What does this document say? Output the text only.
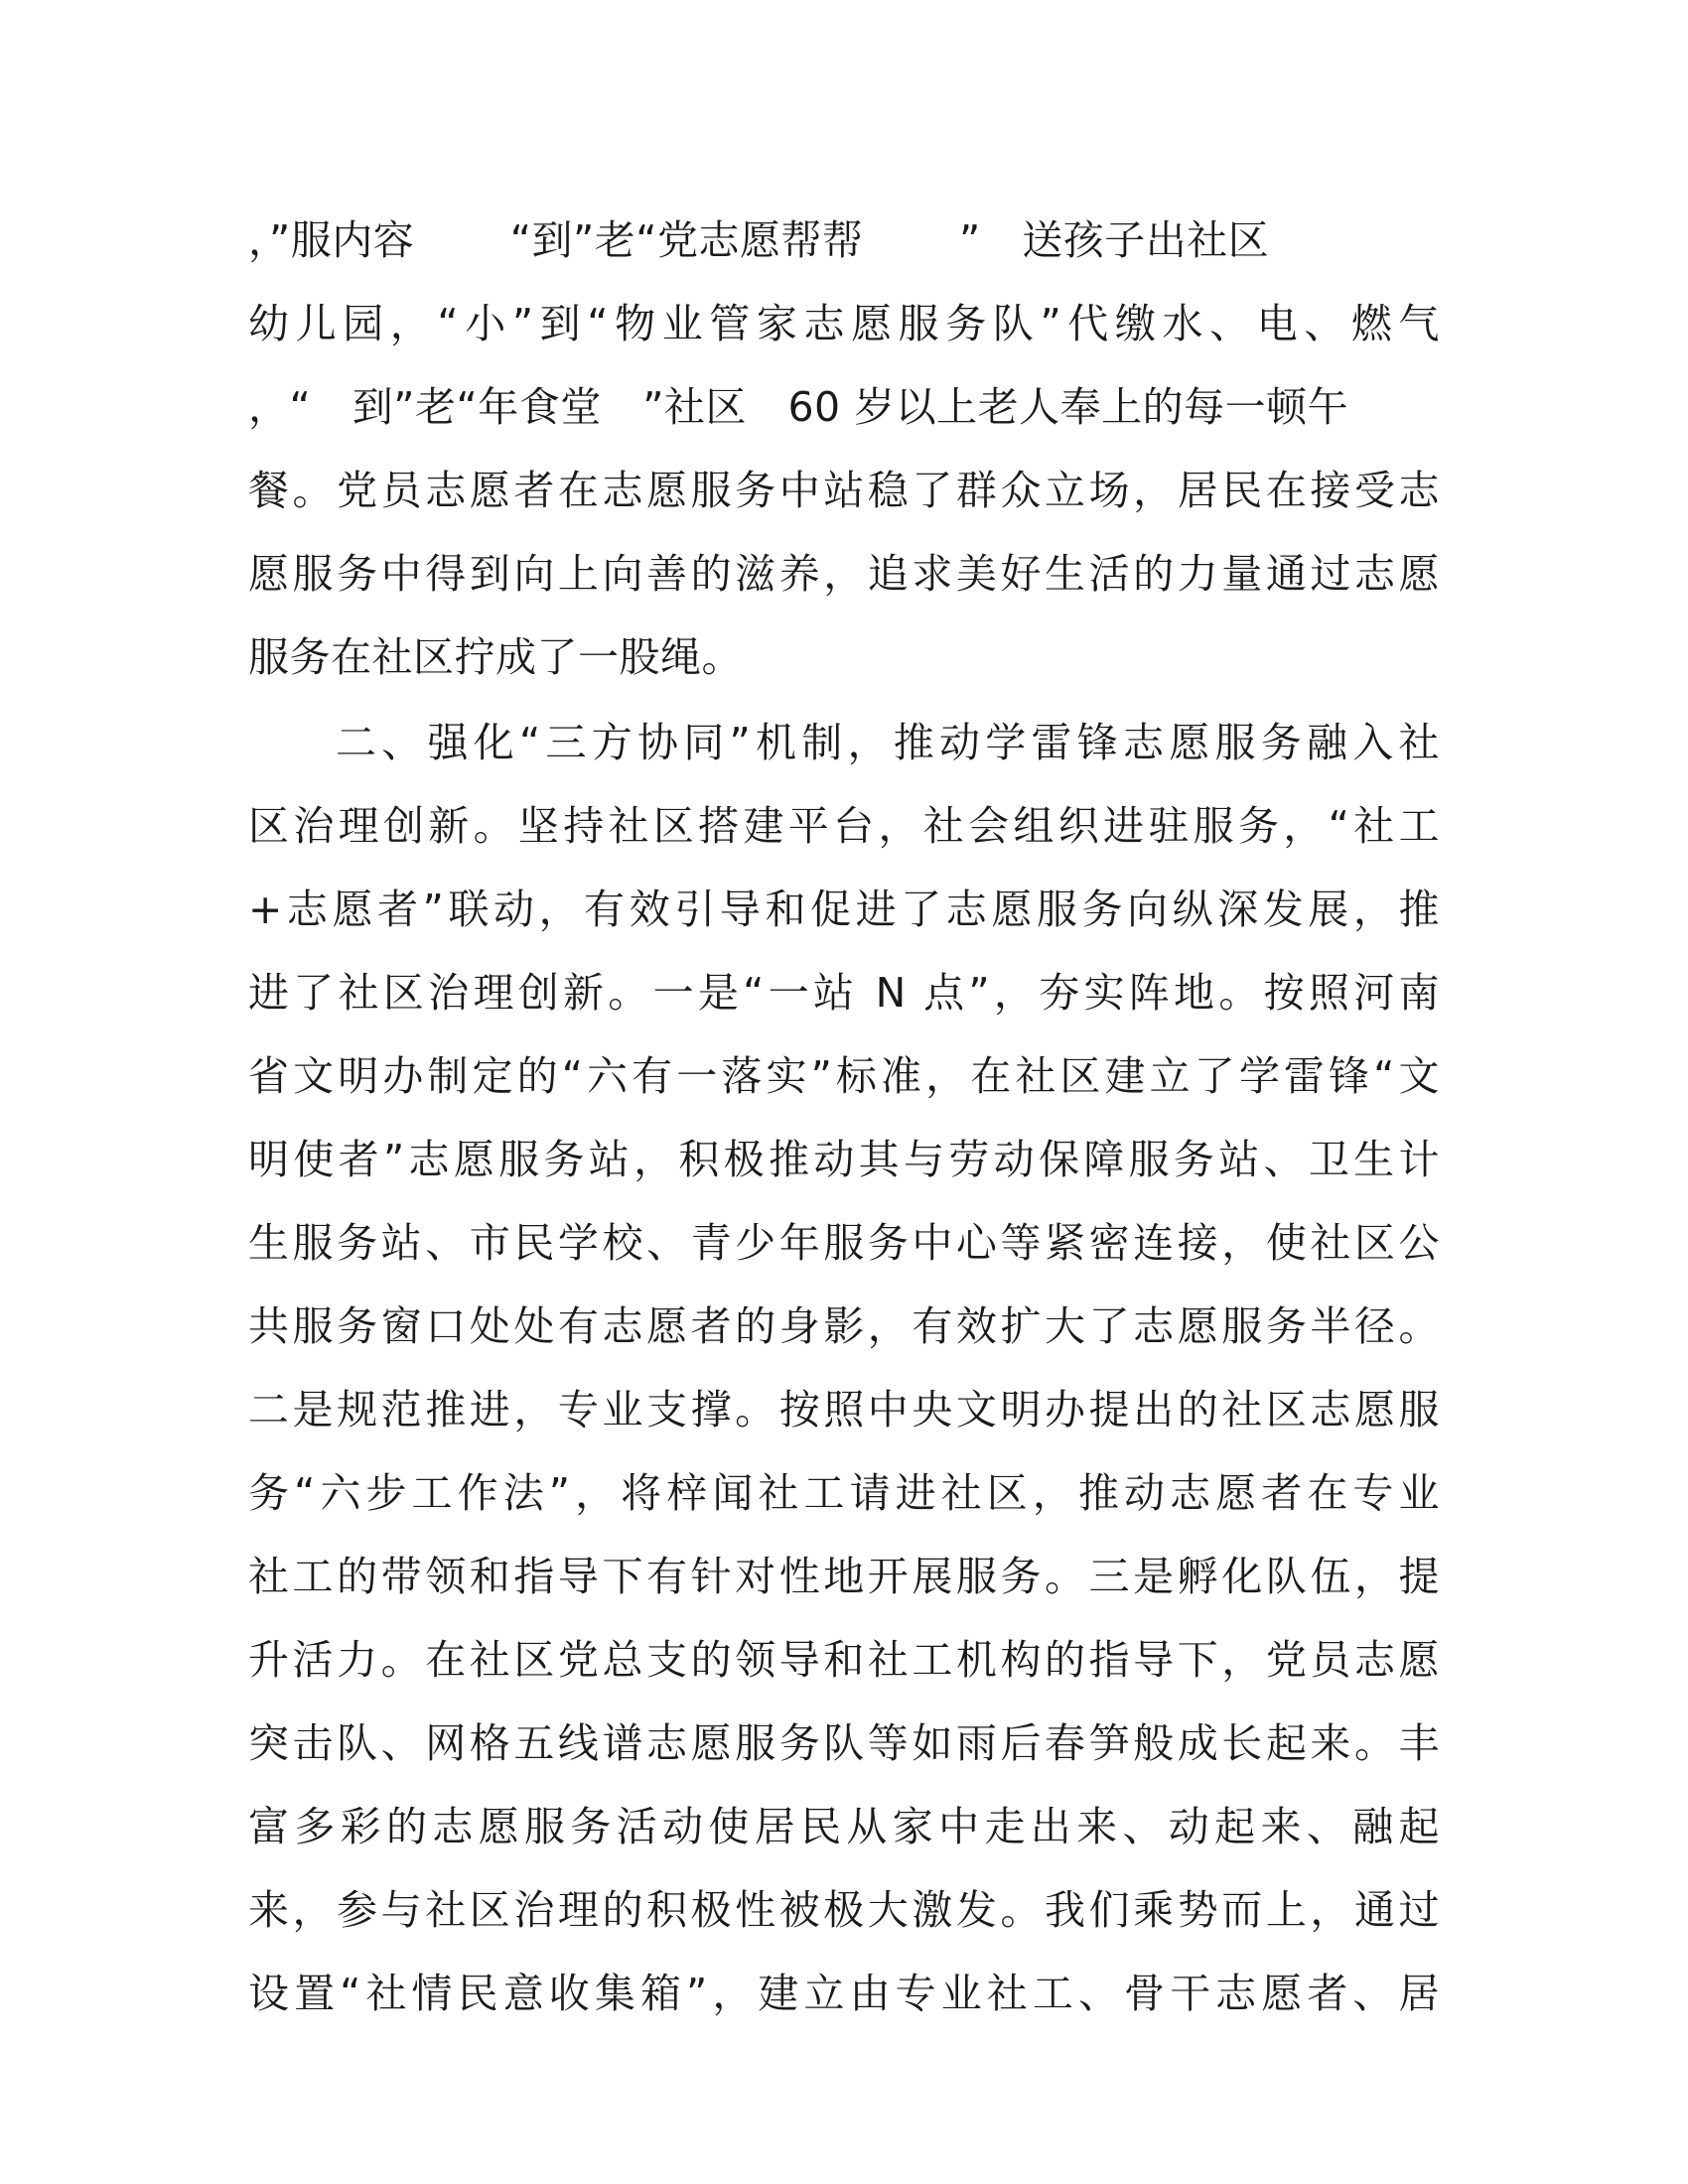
，”服内容　　 “到”老“党志愿帮帮　　 ”　送孩子出社区
幼儿园，“小”到“物业管家志愿服务队”代缴水、电、燃气
，“　到”老“年食堂　”社区　60 岁以上老人奉上的每一顿午
餐。党员志愿者在志愿服务中站稳了群众立场，居民在接受志
愿服务中得到向上向善的滋养，追求美好生活的力量通过志愿
服务在社区拧成了一股绳。
二、强化“三方协同”机制，推动学雷锋志愿服务融入社
区治理创新。坚持社区搭建平台，社会组织进驻服务，“社工
+志愿者”联动，有效引导和促进了志愿服务向纵深发展，推
进了社区治理创新。一是“一站 N 点”，夯实阵地。按照河南
省文明办制定的“六有一落实”标准，在社区建立了学雷锋“文
明使者”志愿服务站，积极推动其与劳动保障服务站、卫生计
生服务站、市民学校、青少年服务中心等紧密连接，使社区公
共服务窗口处处有志愿者的身影，有效扩大了志愿服务半径。
二是规范推进，专业支撑。按照中央文明办提出的社区志愿服
务“六步工作法”，将梓闻社工请进社区，推动志愿者在专业
社工的带领和指导下有针对性地开展服务。三是孵化队伍，提
升活力。在社区党总支的领导和社工机构的指导下，党员志愿
突击队、网格五线谱志愿服务队等如雨后春笋般成长起来。丰
富多彩的志愿服务活动使居民从家中走出来、动起来、融起
来，参与社区治理的积极性被极大激发。我们乘势而上，通过
设置“社情民意收集箱”，建立由专业社工、骨干志愿者、居
